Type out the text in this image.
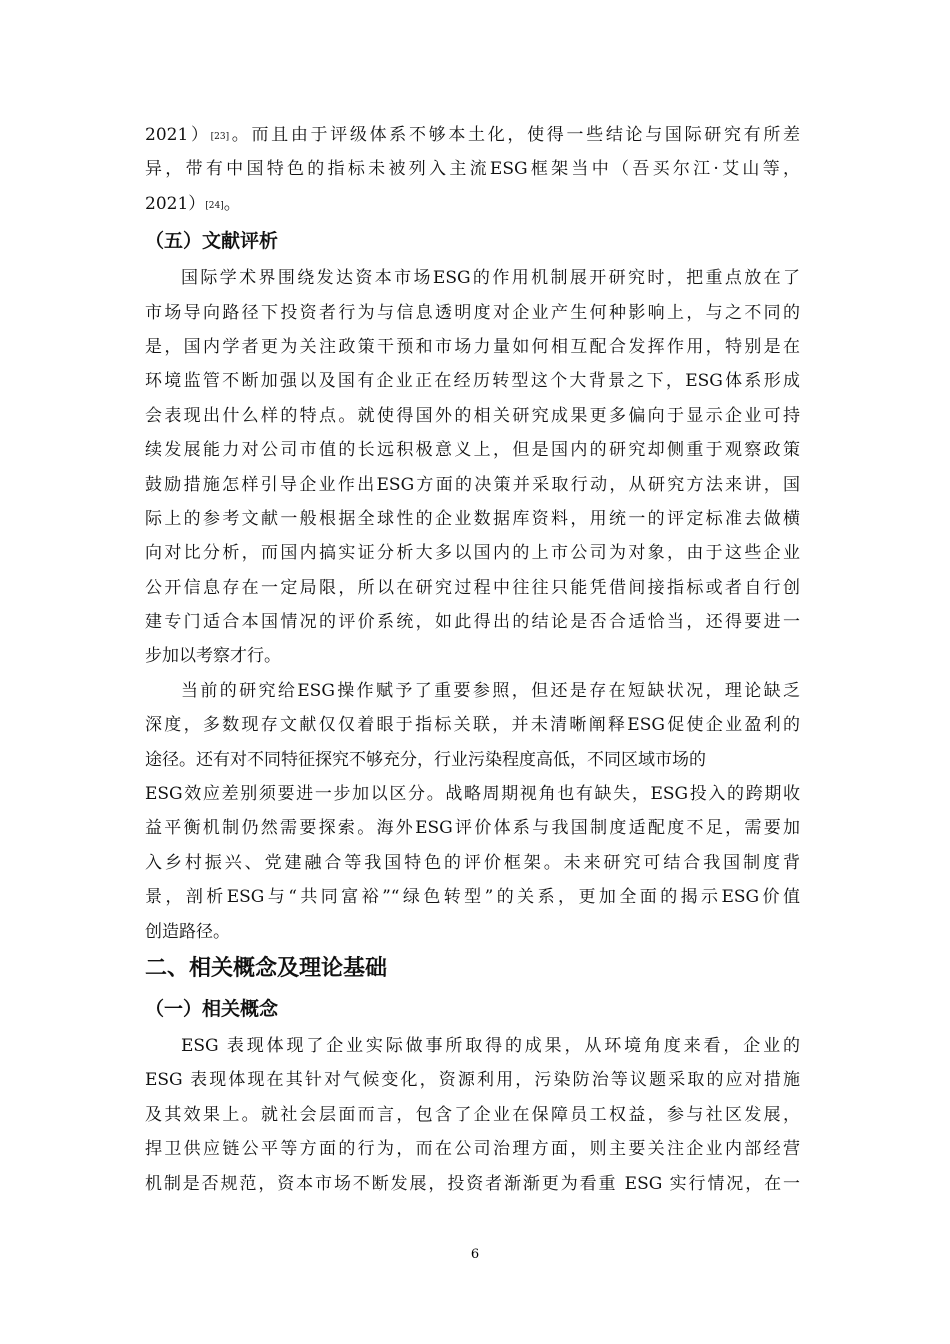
2021）[23]。而且由于评级体系不够本土化，使得一些结论与国际研究有所差
异，带有中国特色的指标未被列入主流ESG框架当中（吾买尔江·艾山等，
2021）[24]。
（五）文献评析
国际学术界围绕发达资本市场ESG的作用机制展开研究时，把重点放在了
市场导向路径下投资者行为与信息透明度对企业产生何种影响上，与之不同的
是，国内学者更为关注政策干预和市场力量如何相互配合发挥作用，特别是在
环境监管不断加强以及国有企业正在经历转型这个大背景之下，ESG体系形成
会表现出什么样的特点。就使得国外的相关研究成果更多偏向于显示企业可持
续发展能力对公司市值的长远积极意义上，但是国内的研究却侧重于观察政策
鼓励措施怎样引导企业作出ESG方面的决策并采取行动，从研究方法来讲，国
际上的参考文献一般根据全球性的企业数据库资料，用统一的评定标准去做横
向对比分析，而国内搞实证分析大多以国内的上市公司为对象，由于这些企业
公开信息存在一定局限，所以在研究过程中往往只能凭借间接指标或者自行创
建专门适合本国情况的评价系统，如此得出的结论是否合适恰当，还得要进一
步加以考察才行。
当前的研究给ESG操作赋予了重要参照，但还是存在短缺状况，理论缺乏
深度，多数现存文献仅仅着眼于指标关联，并未清晰阐释ESG促使企业盈利的
途径。还有对不同特征探究不够充分，行业污染程度高低，不同区域市场的
ESG效应差别须要进一步加以区分。战略周期视角也有缺失，ESG投入的跨期收
益平衡机制仍然需要探索。海外ESG评价体系与我国制度适配度不足，需要加
入乡村振兴、党建融合等我国特色的评价框架。未来研究可结合我国制度背
景，剖析ESG与“共同富裕”“绿色转型”的关系，更加全面的揭示ESG价值
创造路径。
二、相关概念及理论基础
（一）相关概念
ESG 表现体现了企业实际做事所取得的成果，从环境角度来看，企业的
ESG 表现体现在其针对气候变化，资源利用，污染防治等议题采取的应对措施
及其效果上。就社会层面而言，包含了企业在保障员工权益，参与社区发展，
捍卫供应链公平等方面的行为，而在公司治理方面，则主要关注企业内部经营
机制是否规范，资本市场不断发展，投资者渐渐更为看重 ESG 实行情况，在一
6
